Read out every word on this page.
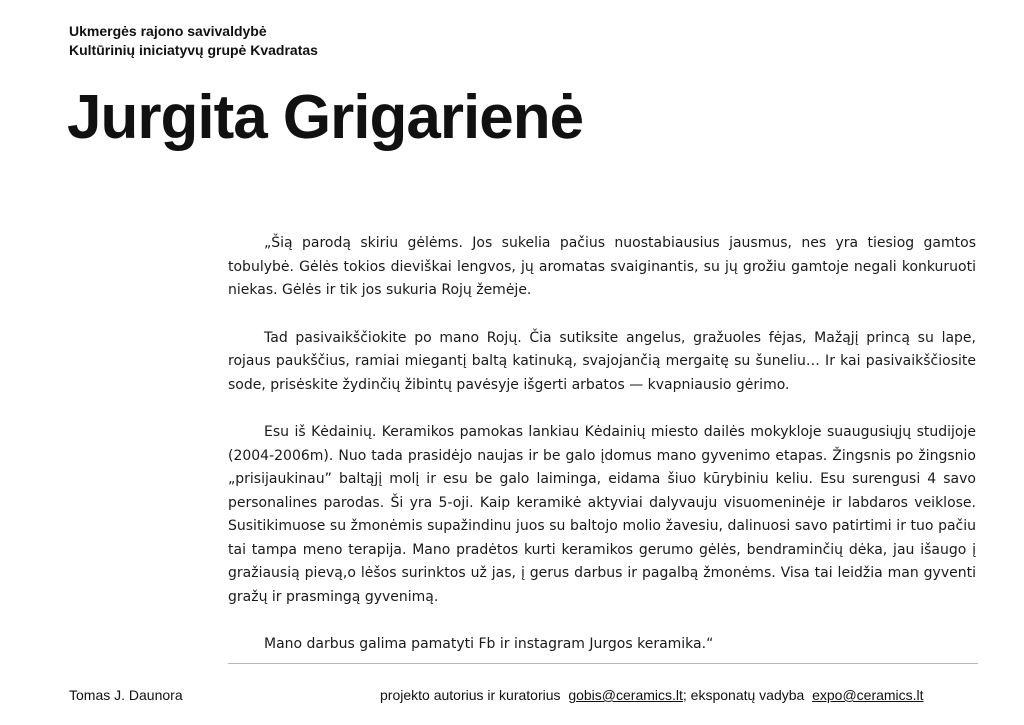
Ukmergės rajono savivaldybė
Kultūrinių iniciatyvų grupė Kvadratas
Jurgita Grigarienė

„Šią parodą skiriu gėlėms. Jos sukelia pačius nuostabiausius jausmus, nes yra tiesiog gamtos tobulybė. Gėlės tokios dieviškai lengvos, jų aromatas svaiginantis, su jų grožiu gamtoje negali konkuruoti niekas. Gėlės ir tik jos sukuria Rojų žemėje.

Tad pasivaikščiokite po mano Rojų. Čia sutiksite angelus, gražuoles fėjas, Mažąjį princą su lape, rojaus paukščius, ramiai miegantį baltą katinuką, svajojančią mergaitę su šuneliu… Ir kai pasivaikščiosite sode, prisėskite žydinčių žibintų pavėsyje išgerti arbatos — kvapniausio gėrimo.

Esu iš Kėdainių. Keramikos pamokas lankiau Kėdainių miesto dailės mokykloje suaugusiųjų studijoje (2004-2006m). Nuo tada prasidėjo naujas ir be galo įdomus mano gyvenimo etapas. Žingsnis po žingsnio „prisijaukinau” baltąjį molį ir esu be galo laiminga, eidama šiuo kūrybiniu keliu. Esu surengusi 4 savo personalines parodas. Ši yra 5-oji. Kaip keramikė aktyviai dalyvauju visuomeninėje ir labdaros veiklose. Susitikimuose su žmonėmis supažindinu juos su baltojo molio žavesiu, dalinuosi savo patirtimi ir tuo pačiu tai tampa meno terapija. Mano pradėtos kurti keramikos gerumo gėlės, bendraminčių dėka, jau išaugo į gražiausią pievą,o lėšos surinktos už jas, į gerus darbus ir pagalbą žmonėms. Visa tai leidžia man gyventi gražų ir prasmingą gyvenimą.

Mano darbus galima pamatyti Fb ir instagram Jurgos keramika.“

Tomas J. Daunora	projekto autorius ir kuratorius gobis@ceramics.lt; eksponatų vadyba expo@ceramics.lt
